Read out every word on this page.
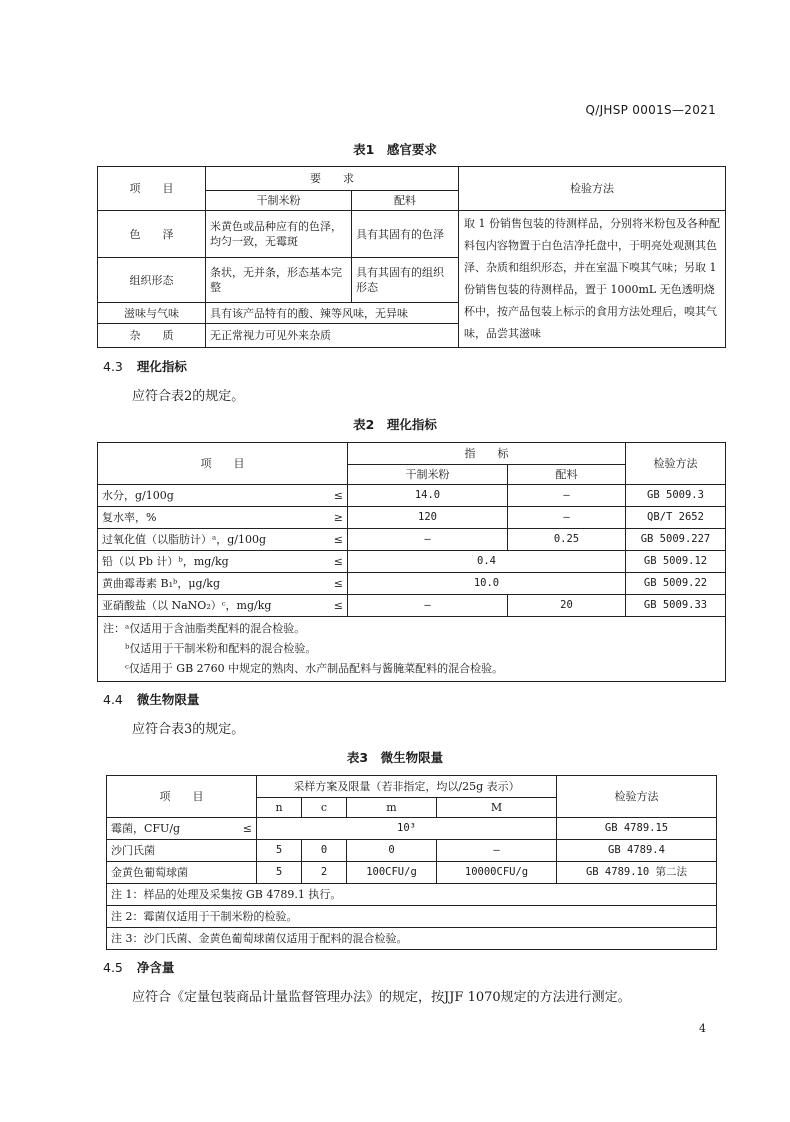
Q/JHSP 0001S—2021
表1　感官要求
项　　目	要　　求		检验方法
	干制米粉	配料	
色　　泽	米黄色或品种应有的色泽，均匀一致，无霉斑	具有其固有的色泽	取 1 份销售包装的待测样品，分别将米粉包及各种配料包内容物置于白色洁净托盘中，于明亮处观测其色泽、杂质和组织形态，并在室温下嗅其气味；另取 1 份销售包装的待测样品，置于 1000mL 无色透明烧杯中，按产品包装上标示的食用方法处理后，嗅其气味，品尝其滋味
组织形态	条状，无并条，形态基本完整	具有其固有的组织形态	
滋味与气味	具有该产品特有的酸、辣等风味，无异味		
杂　　质	无正常视力可见外来杂质		
4.3 理化指标
应符合表2的规定。
表2　理化指标
项　　目	指　　标		检验方法
	干制米粉	配料	
水分，g/100g ≤	14.0	—	GB 5009.3
复水率，% ≥	120	—	QB/T 2652
过氧化值（以脂肪计）ᵃ，g/100g ≤	—	0.25	GB 5009.227
铅（以 Pb 计）ᵇ，mg/kg ≤	0.4		GB 5009.12
黄曲霉毒素 B₁ᵇ，μg/kg ≤	10.0		GB 5009.22
亚硝酸盐（以 NaNO₂）ᶜ，mg/kg ≤	—	20	GB 5009.33

注：ᵃ仅适用于含油脂类配料的混合检验。
ᵇ仅适用于干制米粉和配料的混合检验。
ᶜ仅适用于 GB 2760 中规定的熟肉、水产制品配料与酱腌菜配料的混合检验。			
4.4 微生物限量
应符合表3的规定。
表3　微生物限量
项　　目	采样方案及限量（若非指定，均以/25g 表示）				检验方法
	n	c	m	M	
霉菌，CFU/g ≤	10³				GB 4789.15
沙门氏菌	5	0	0	—	GB 4789.4
金黄色葡萄球菌	5	2	100CFU/g	10000CFU/g	GB 4789.10 第二法
注 1：样品的处理及采集按 GB 4789.1 执行。					
注 2：霉菌仅适用于干制米粉的检验。					
注 3：沙门氏菌、金黄色葡萄球菌仅适用于配料的混合检验。					
4.5 净含量
应符合《定量包装商品计量监督管理办法》的规定，按JJF 1070规定的方法进行测定。
4
